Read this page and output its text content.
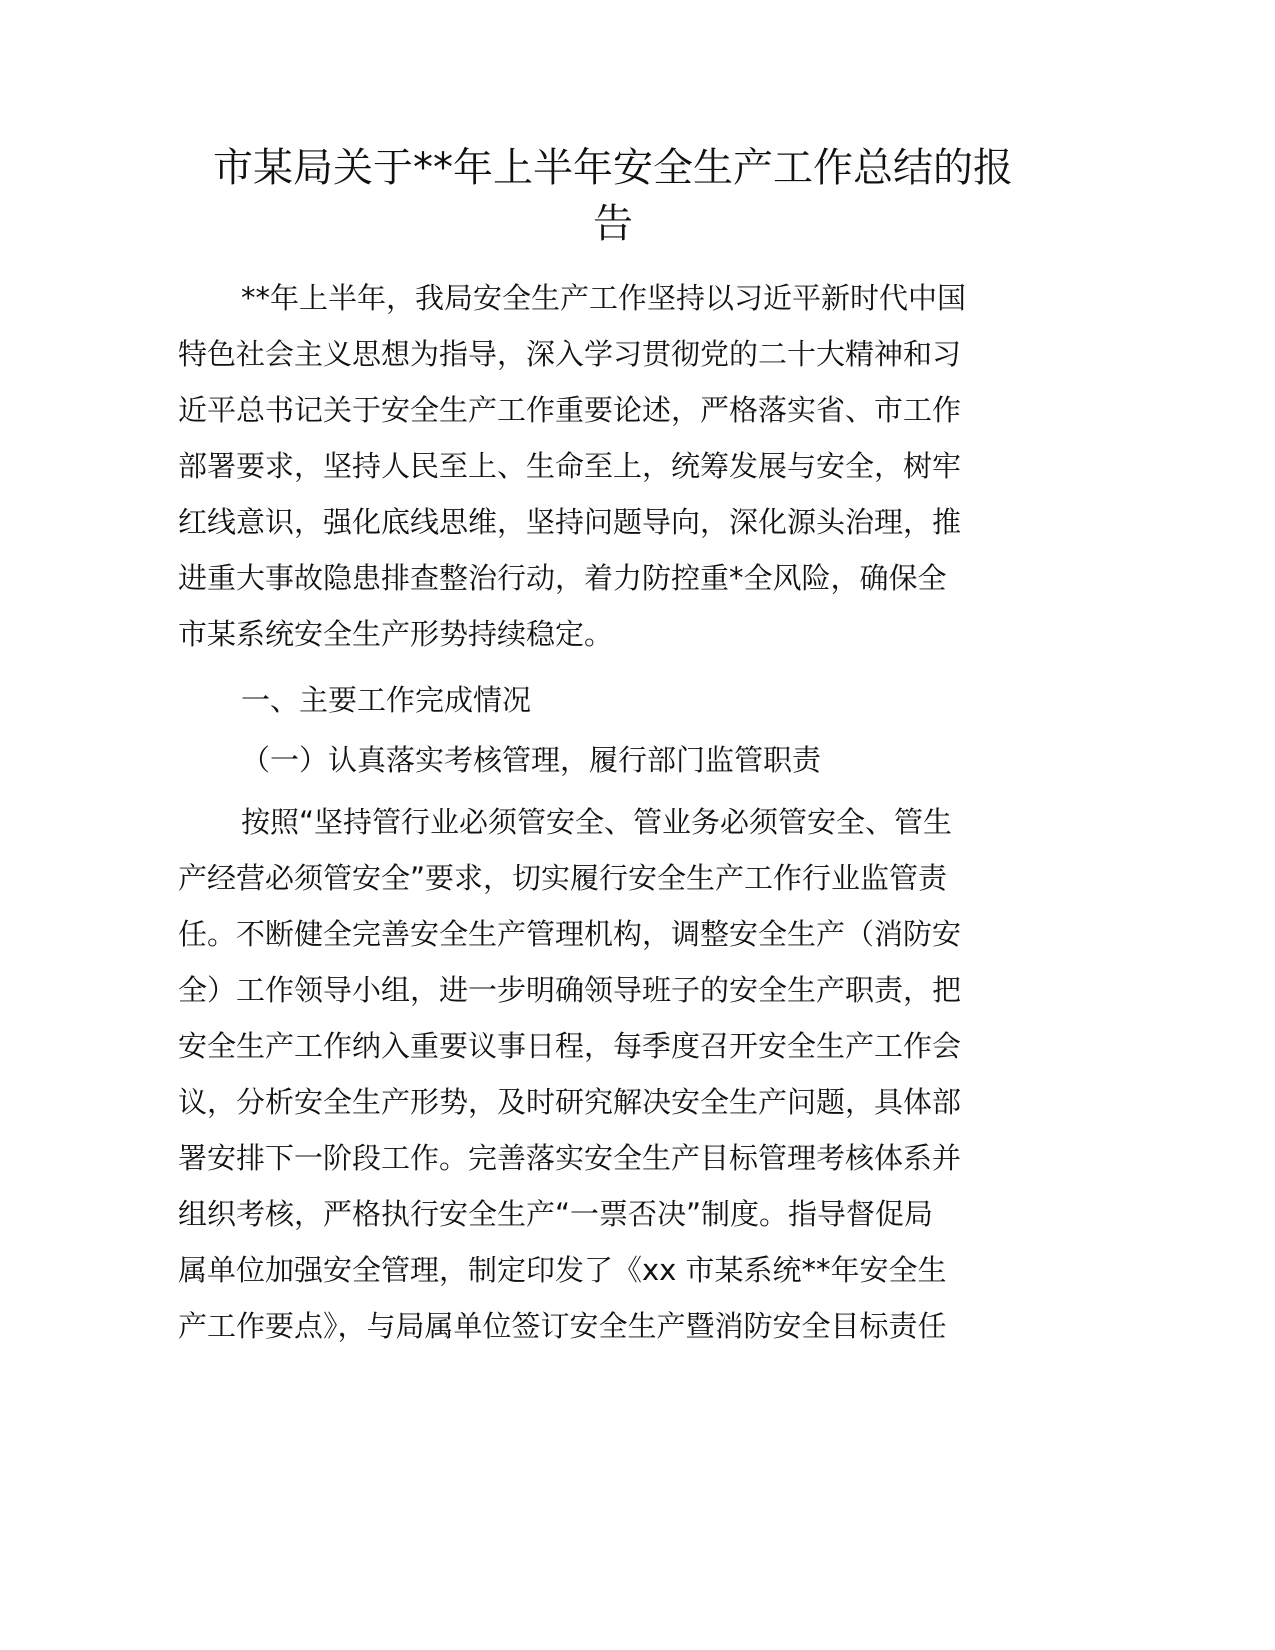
市某局关于**年上半年安全生产工作总结的报
告

**年上半年，我局安全生产工作坚持以习近平新时代中国
特色社会主义思想为指导，深入学习贯彻党的二十大精神和习
近平总书记关于安全生产工作重要论述，严格落实省、市工作
部署要求，坚持人民至上、生命至上，统筹发展与安全，树牢
红线意识，强化底线思维，坚持问题导向，深化源头治理，推
进重大事故隐患排查整治行动，着力防控重*全风险，确保全
市某系统安全生产形势持续稳定。

一、主要工作完成情况

（一）认真落实考核管理，履行部门监管职责

按照“坚持管行业必须管安全、管业务必须管安全、管生
产经营必须管安全”要求，切实履行安全生产工作行业监管责
任。不断健全完善安全生产管理机构，调整安全生产（消防安
全）工作领导小组，进一步明确领导班子的安全生产职责，把
安全生产工作纳入重要议事日程，每季度召开安全生产工作会
议，分析安全生产形势，及时研究解决安全生产问题，具体部
署安排下一阶段工作。完善落实安全生产目标管理考核体系并
组织考核，严格执行安全生产“一票否决”制度。指导督促局
属单位加强安全管理，制定印发了《xx 市某系统**年安全生
产工作要点》，与局属单位签订安全生产暨消防安全目标责任
